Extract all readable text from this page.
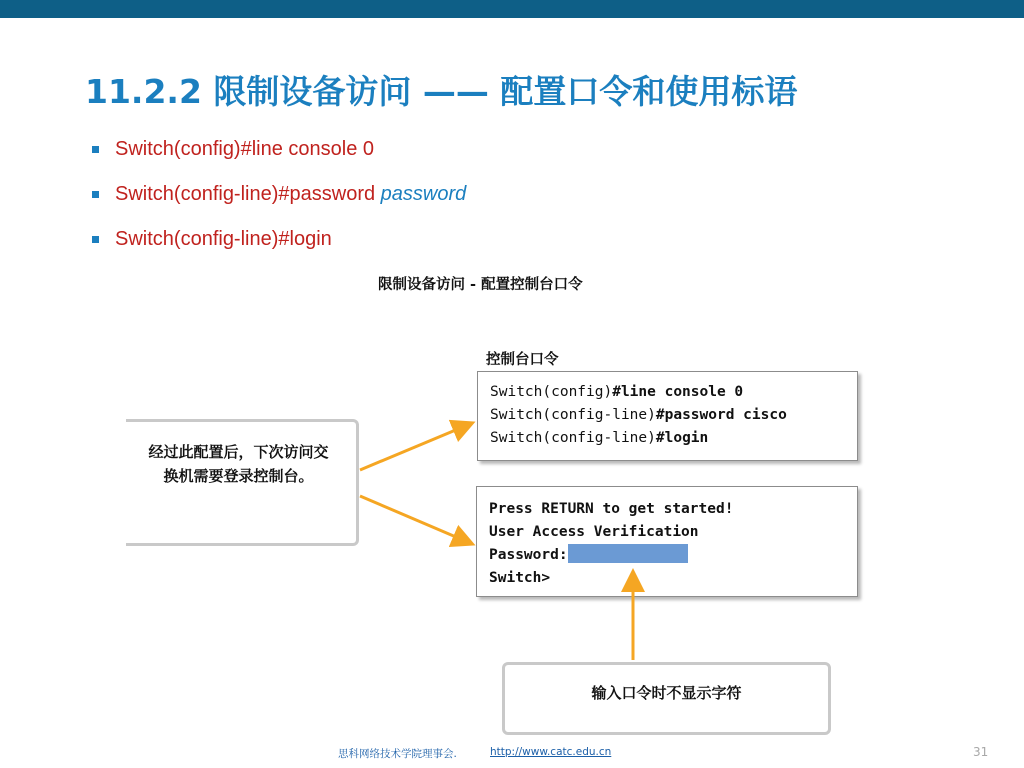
11.2.2 限制设备访问 —— 配置口令和使用标语
Switch(config)#line console 0
Switch(config-line)#password password
Switch(config-line)#login
限制设备访问 - 配置控制台口令
控制台口令
Switch(config)#line console 0
Switch(config-line)#password cisco
Switch(config-line)#login
Press RETURN to get started!
User Access Verification
Password:
Switch>
经过此配置后，下次访问交
换机需要登录控制台。
输入口令时不显示字符
思科网络技术学院理事会.	http://www.catc.edu.cn	31
